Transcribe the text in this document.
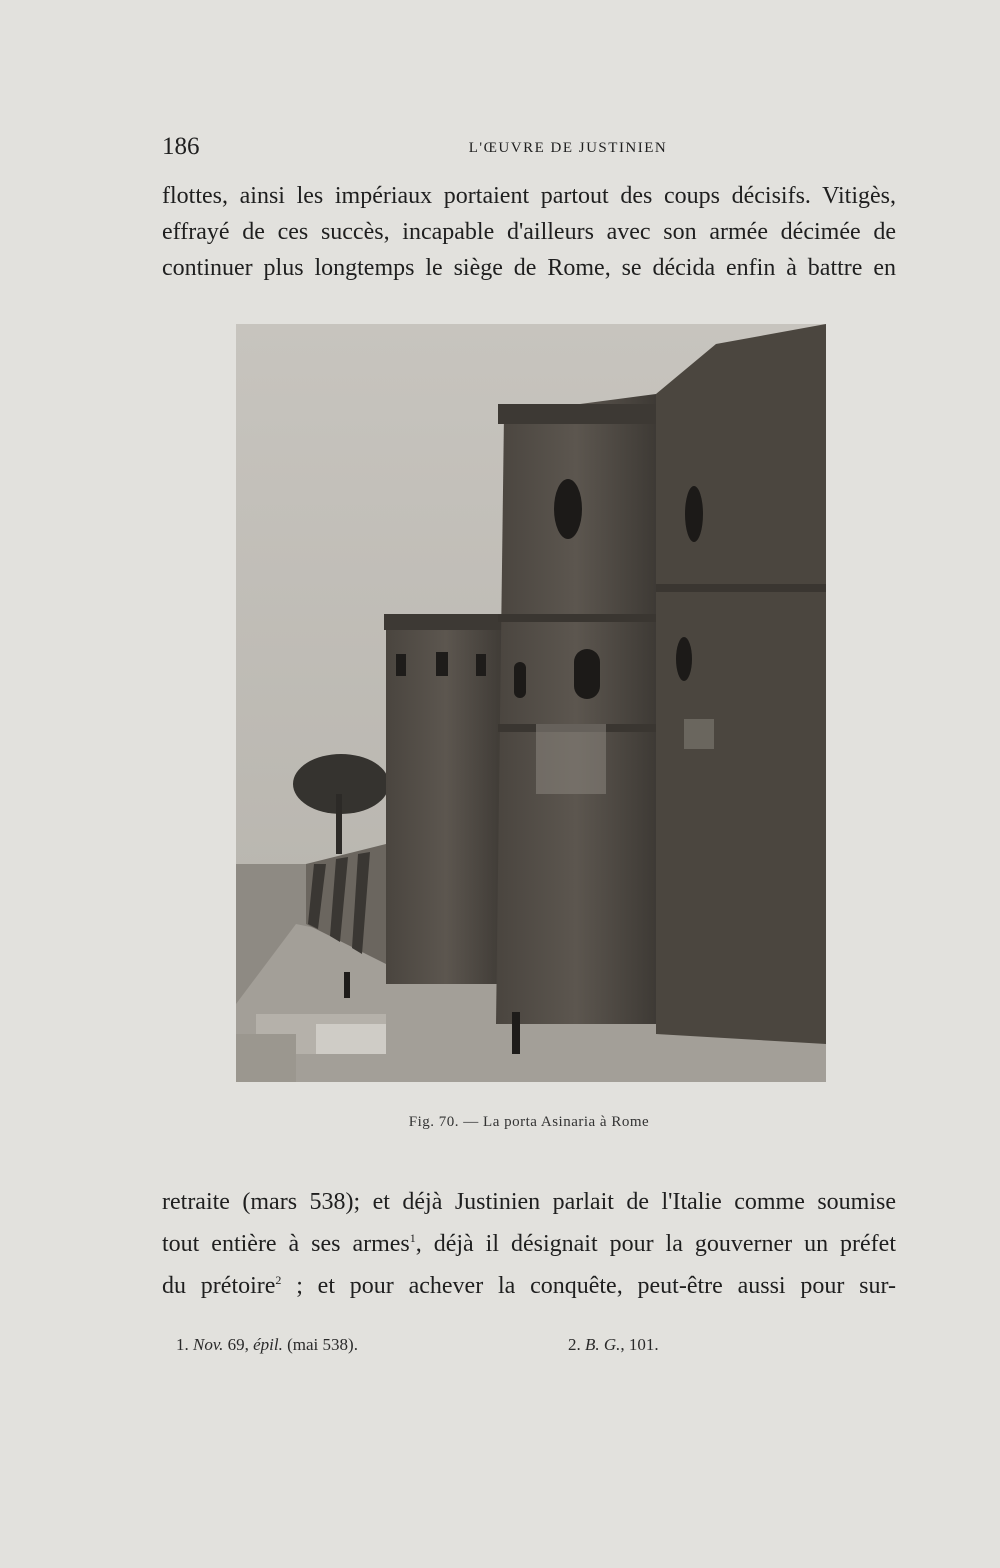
186	L'ŒUVRE DE JUSTINIEN

flottes, ainsi les impériaux portaient partout des coups décisifs. Vitigès,
effrayé de ces succès, incapable d'ailleurs avec son armée décimée de
continuer plus longtemps le siège de Rome, se décida enfin à battre en

Fig. 70. — La porta Asinaria à Rome

retraite (mars 538); et déjà Justinien parlait de l'Italie comme soumise
tout entière à ses armes$^1$, déjà il désignait pour la gouverner un préfet
du prétoire$^2$ ; et pour achever la conquête, peut-être aussi pour sur-

1. Nov. 69, épil. (mai 538).	2. B. G., 101.
